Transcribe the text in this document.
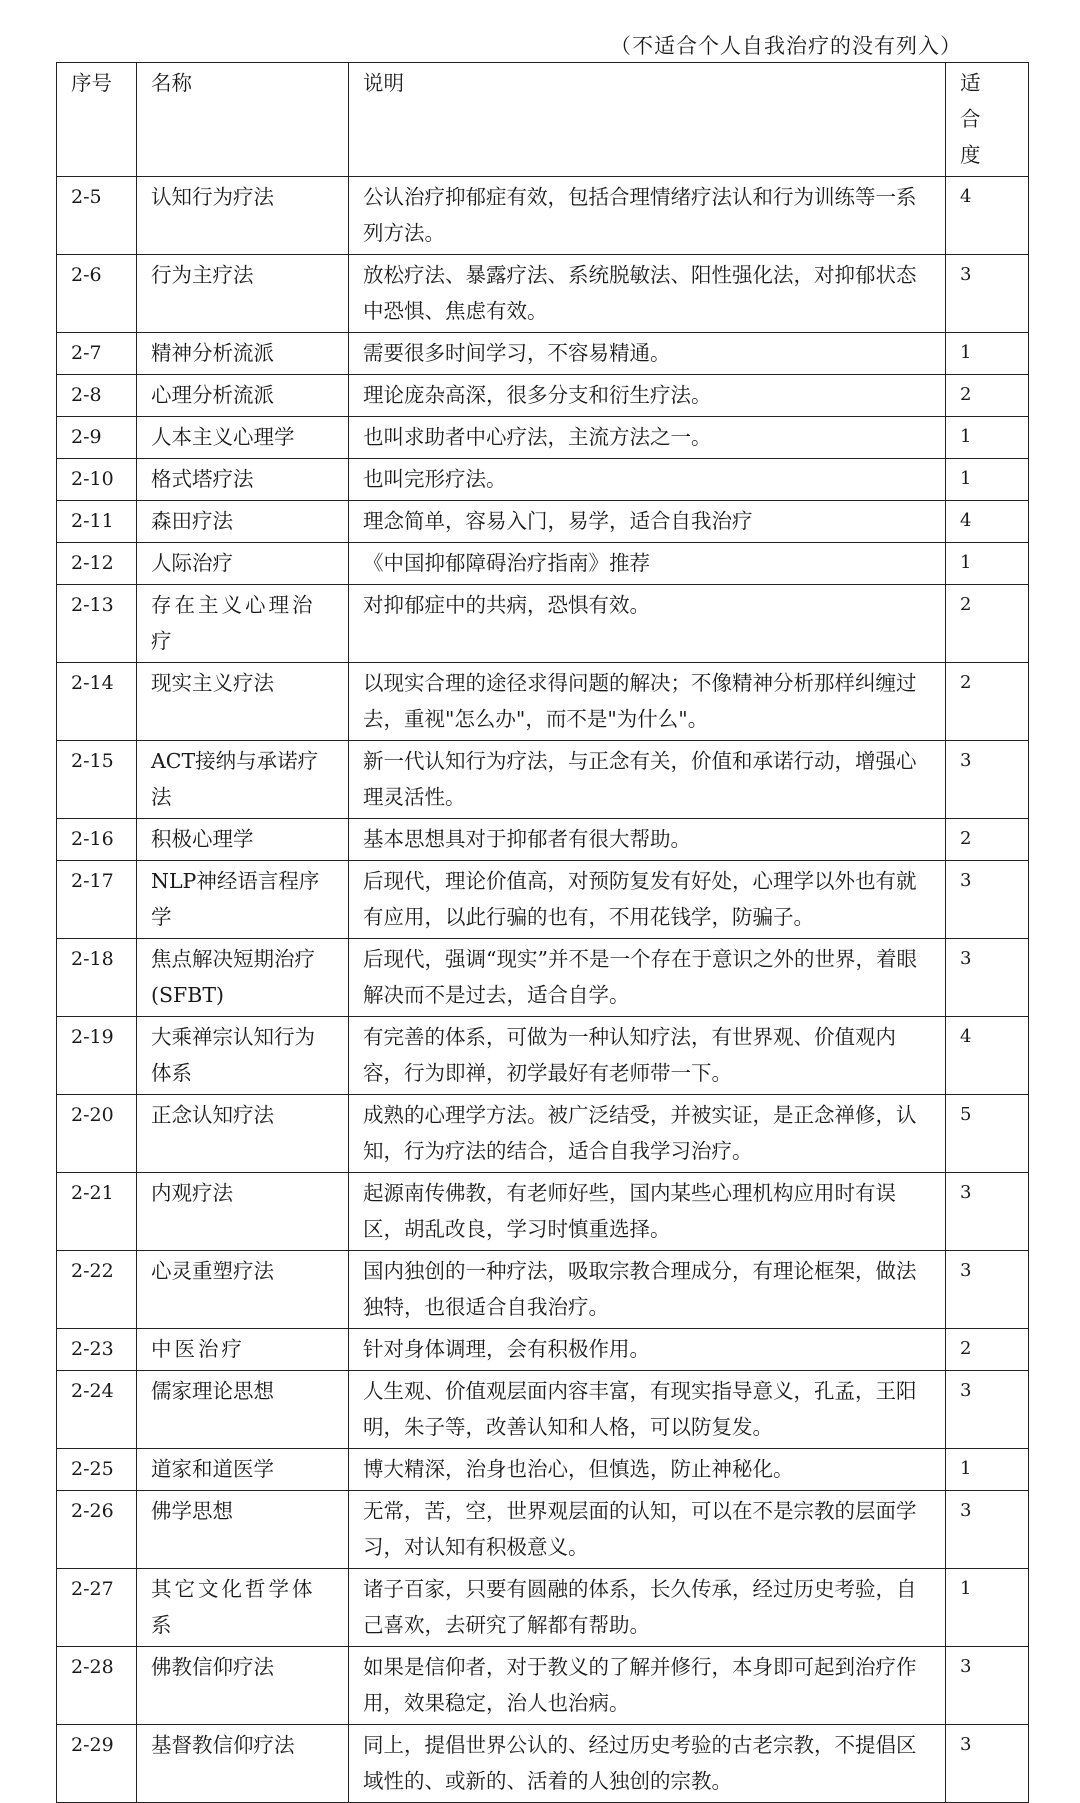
（不适合个人自我治疗的没有列入）
序号	名称	说明	适合度
2-5	认知行为疗法	公认治疗抑郁症有效，包括合理情绪疗法认和行为训练等一系列方法。	4
2-6	行为主疗法	放松疗法、暴露疗法、系统脱敏法、阳性强化法，对抑郁状态中恐惧、焦虑有效。	3
2-7	精神分析流派	需要很多时间学习，不容易精通。	1
2-8	心理分析流派	理论庞杂高深，很多分支和衍生疗法。	2
2-9	人本主义心理学	也叫求助者中心疗法，主流方法之一。	1
2-10	格式塔疗法	也叫完形疗法。	1
2-11	森田疗法	理念简单，容易入门，易学，适合自我治疗	4
2-12	人际治疗	《中国抑郁障碍治疗指南》推荐	1
2-13	存在主义心理治疗	对抑郁症中的共病，恐惧有效。	2
2-14	现实主义疗法	以现实合理的途径求得问题的解决；不像精神分析那样纠缠过去，重视"怎么办"，而不是"为什么"。	2
2-15	ACT接纳与承诺疗法	新一代认知行为疗法，与正念有关，价值和承诺行动，增强心理灵活性。	3
2-16	积极心理学	基本思想具对于抑郁者有很大帮助。	2
2-17	NLP神经语言程序学	后现代，理论价值高，对预防复发有好处，心理学以外也有就有应用，以此行骗的也有，不用花钱学，防骗子。	3
2-18	焦点解决短期治疗(SFBT)	后现代，强调“现实”并不是一个存在于意识之外的世界，着眼解决而不是过去，适合自学。	3
2-19	大乘禅宗认知行为体系	有完善的体系，可做为一种认知疗法，有世界观、价值观内容，行为即禅，初学最好有老师带一下。	4
2-20	正念认知疗法	成熟的心理学方法。被广泛结受，并被实证，是正念禅修，认知，行为疗法的结合，适合自我学习治疗。	5
2-21	内观疗法	起源南传佛教，有老师好些，国内某些心理机构应用时有误区，胡乱改良，学习时慎重选择。	3
2-22	心灵重塑疗法	国内独创的一种疗法，吸取宗教合理成分，有理论框架，做法独特，也很适合自我治疗。	3
2-23	中医治疗	针对身体调理，会有积极作用。	2
2-24	儒家理论思想	人生观、价值观层面内容丰富，有现实指导意义，孔孟，王阳明，朱子等，改善认知和人格，可以防复发。	3
2-25	道家和道医学	博大精深，治身也治心，但慎选，防止神秘化。	1
2-26	佛学思想	无常，苦，空，世界观层面的认知，可以在不是宗教的层面学习，对认知有积极意义。	3
2-27	其它文化哲学体系	诸子百家，只要有圆融的体系，长久传承，经过历史考验，自己喜欢，去研究了解都有帮助。	1
2-28	佛教信仰疗法	如果是信仰者，对于教义的了解并修行，本身即可起到治疗作用，效果稳定，治人也治病。	3
2-29	基督教信仰疗法	同上，提倡世界公认的、经过历史考验的古老宗教，不提倡区域性的、或新的、活着的人独创的宗教。	3
